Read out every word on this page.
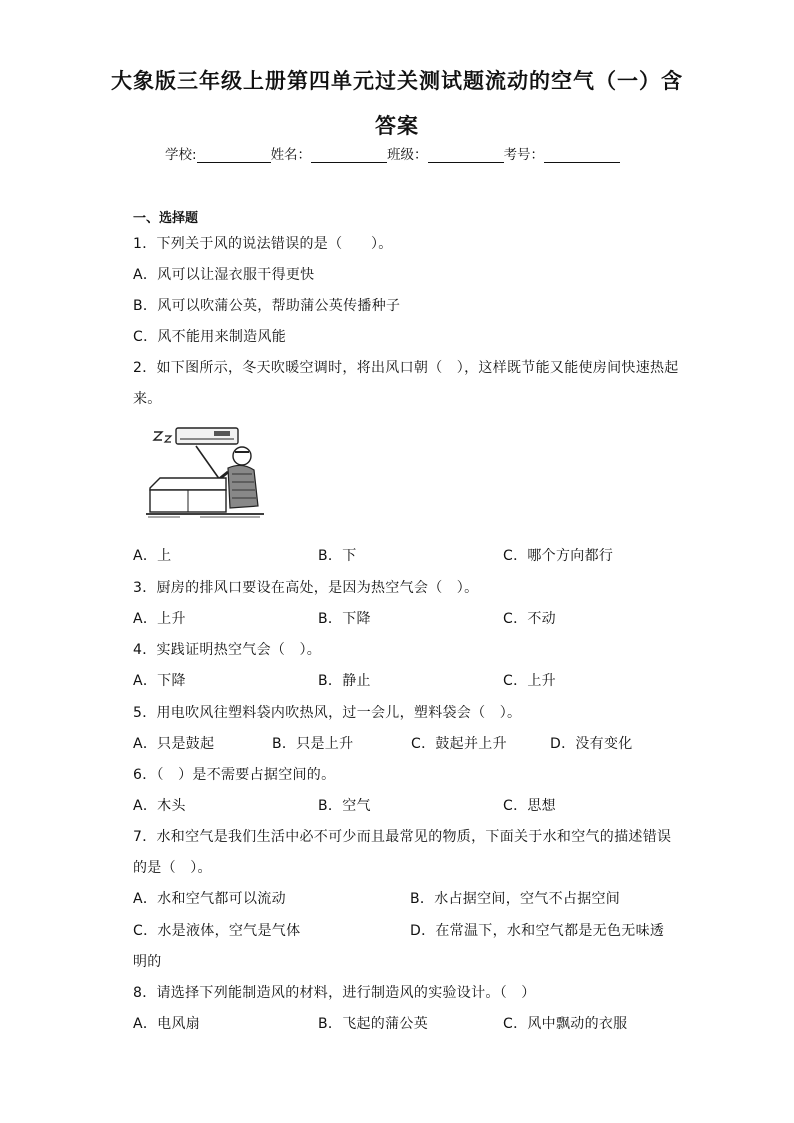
大象版三年级上册第四单元过关测试题流动的空气（一）含
答案
学校:	姓名：	班级：	考号：
一、选择题
1．下列关于风的说法错误的是（　　）。
A．风可以让湿衣服干得更快
B．风可以吹蒲公英，帮助蒲公英传播种子
C．风不能用来制造风能
2．如下图所示，冬天吹暖空调时，将出风口朝（　），这样既节能又能使房间快速热起
来。
A．上	B．下	C．哪个方向都行
3．厨房的排风口要设在高处，是因为热空气会（　）。
A．上升	B．下降	C．不动
4．实践证明热空气会（　）。
A．下降	B．静止	C．上升
5．用电吹风往塑料袋内吹热风，过一会儿，塑料袋会（　）。
A．只是鼓起	B．只是上升	C．鼓起并上升	D．没有变化
6．（　）是不需要占据空间的。
A．木头	B．空气	C．思想
7．水和空气是我们生活中必不可少而且最常见的物质，下面关于水和空气的描述错误
的是（　）。
A．水和空气都可以流动	B．水占据空间，空气不占据空间
C．水是液体，空气是气体	D．在常温下，水和空气都是无色无味透
明的
8．请选择下列能制造风的材料，进行制造风的实验设计。（　）
A．电风扇	B．飞起的蒲公英	C．风中飘动的衣服
